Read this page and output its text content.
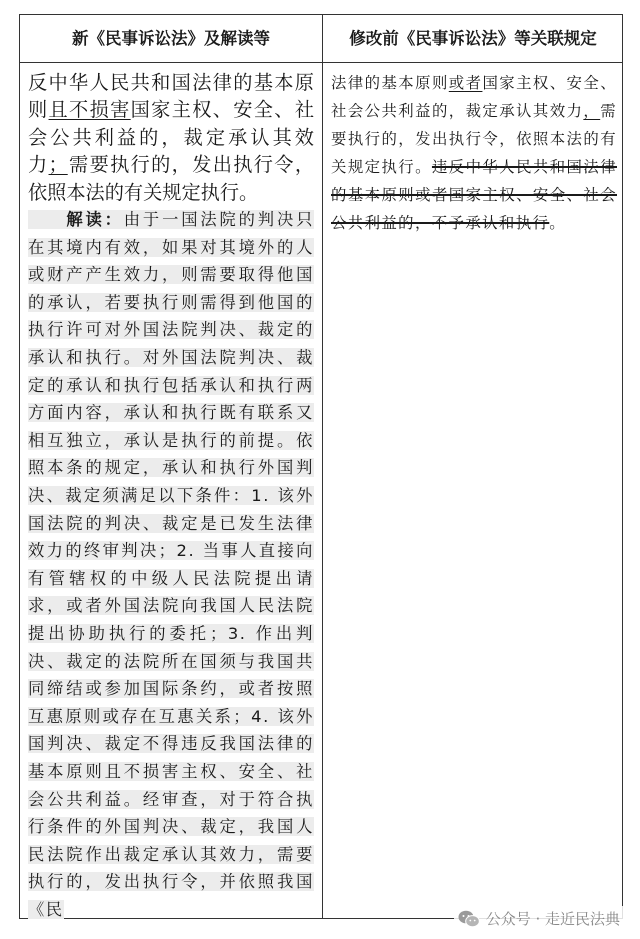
新《民事诉讼法》及解读等	修改前《民事诉讼法》等关联规定

反中华人民共和国法律的基本原则且不损害国家主权、安全、社会公共利益的，裁定承认其效力；需要执行的，发出执行令，依照本法的有关规定执行。

　　解读：由于一国法院的判决只在其境内有效，如果对其境外的人或财产产生效力，则需要取得他国的承认，若要执行则需得到他国的执行许可对外国法院判决、裁定的承认和执行。对外国法院判决、裁定的承认和执行包括承认和执行两方面内容，承认和执行既有联系又相互独立，承认是执行的前提。依照本条的规定，承认和执行外国判决、裁定须满足以下条件：1. 该外国法院的判决、裁定是已发生法律效力的终审判决；2. 当事人直接向有管辖权的中级人民法院提出请求，或者外国法院向我国人民法院提出协助执行的委托；3. 作出判决、裁定的法院所在国须与我国共同缔结或参加国际条约，或者按照互惠原则或存在互惠关系；4. 该外国判决、裁定不得违反我国法律的基本原则且不损害主权、安全、社会公共利益。经审查，对于符合执行条件的外国判决、裁定，我国人民法院作出裁定承认其效力，需要执行的，发出执行令，并依照我国《民

法律的基本原则或者国家主权、安全、社会公共利益的，裁定承认其效力，需要执行的，发出执行令，依照本法的有关规定执行。违反中华人民共和国法律的基本原则或者国家主权、安全、社会公共利益的，不予承认和执行。

公众号 · 走近民法典
